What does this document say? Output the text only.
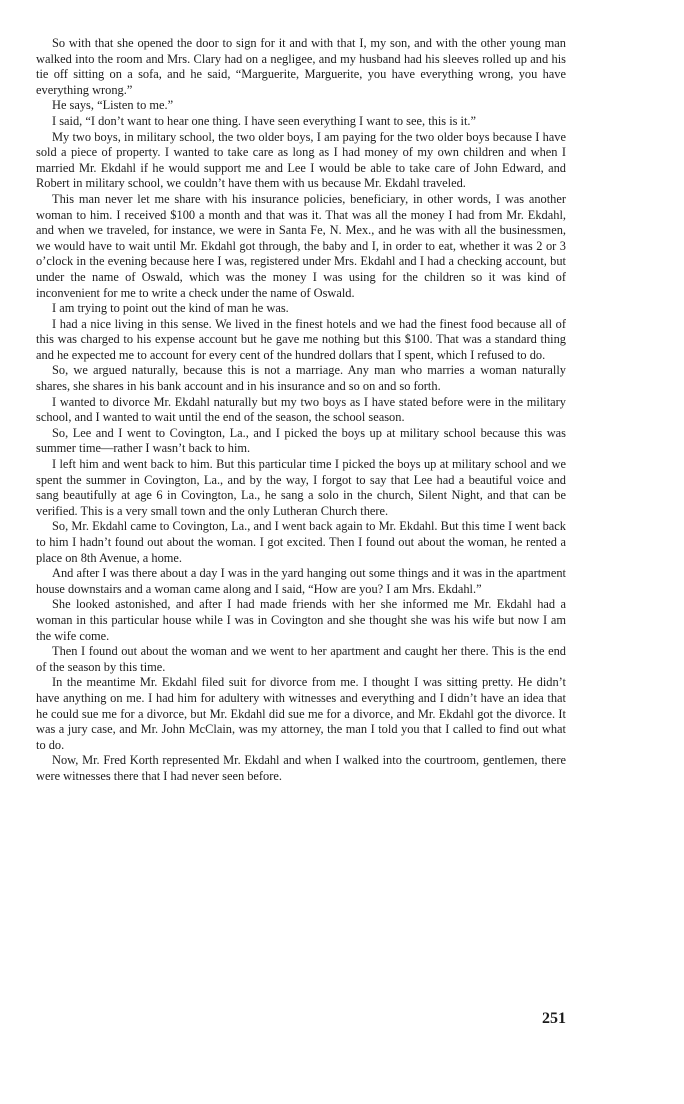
So with that she opened the door to sign for it and with that I, my son, and with the other young man walked into the room and Mrs. Clary had on a negligee, and my husband had his sleeves rolled up and his tie off sitting on a sofa, and he said, “Marguerite, Marguerite, you have everything wrong, you have everything wrong.”

He says, “Listen to me.”

I said, “I don’t want to hear one thing. I have seen everything I want to see, this is it.”

My two boys, in military school, the two older boys, I am paying for the two older boys because I have sold a piece of property. I wanted to take care as long as I had money of my own children and when I married Mr. Ekdahl if he would support me and Lee I would be able to take care of John Edward, and Robert in military school, we couldn’t have them with us because Mr. Ekdahl traveled.

This man never let me share with his insurance policies, beneficiary, in other words, I was another woman to him. I received $100 a month and that was it. That was all the money I had from Mr. Ekdahl, and when we traveled, for instance, we were in Santa Fe, N. Mex., and he was with all the businessmen, we would have to wait until Mr. Ekdahl got through, the baby and I, in order to eat, whether it was 2 or 3 o’clock in the evening because here I was, registered under Mrs. Ekdahl and I had a checking account, but under the name of Oswald, which was the money I was using for the children so it was kind of inconvenient for me to write a check under the name of Oswald.

I am trying to point out the kind of man he was.

I had a nice living in this sense. We lived in the finest hotels and we had the finest food because all of this was charged to his expense account but he gave me nothing but this $100. That was a standard thing and he expected me to account for every cent of the hundred dollars that I spent, which I refused to do.

So, we argued naturally, because this is not a marriage. Any man who marries a woman naturally shares, she shares in his bank account and in his insurance and so on and so forth.

I wanted to divorce Mr. Ekdahl naturally but my two boys as I have stated before were in the military school, and I wanted to wait until the end of the season, the school season.

So, Lee and I went to Covington, La., and I picked the boys up at military school because this was summer time—rather I wasn’t back to him.

I left him and went back to him. But this particular time I picked the boys up at military school and we spent the summer in Covington, La., and by the way, I forgot to say that Lee had a beautiful voice and sang beautifully at age 6 in Covington, La., he sang a solo in the church, Silent Night, and that can be verified. This is a very small town and the only Lutheran Church there.

So, Mr. Ekdahl came to Covington, La., and I went back again to Mr. Ekdahl. But this time I went back to him I hadn’t found out about the woman. I got excited. Then I found out about the woman, he rented a place on 8th Avenue, a home.

And after I was there about a day I was in the yard hanging out some things and it was in the apartment house downstairs and a woman came along and I said, “How are you? I am Mrs. Ekdahl.”

She looked astonished, and after I had made friends with her she informed me Mr. Ekdahl had a woman in this particular house while I was in Covington and she thought she was his wife but now I am the wife come.

Then I found out about the woman and we went to her apartment and caught her there. This is the end of the season by this time.

In the meantime Mr. Ekdahl filed suit for divorce from me. I thought I was sitting pretty. He didn’t have anything on me. I had him for adultery with witnesses and everything and I didn’t have an idea that he could sue me for a divorce, but Mr. Ekdahl did sue me for a divorce, and Mr. Ekdahl got the divorce. It was a jury case, and Mr. John McClain, was my attorney, the man I told you that I called to find out what to do.

Now, Mr. Fred Korth represented Mr. Ekdahl and when I walked into the courtroom, gentlemen, there were witnesses there that I had never seen before.

251
